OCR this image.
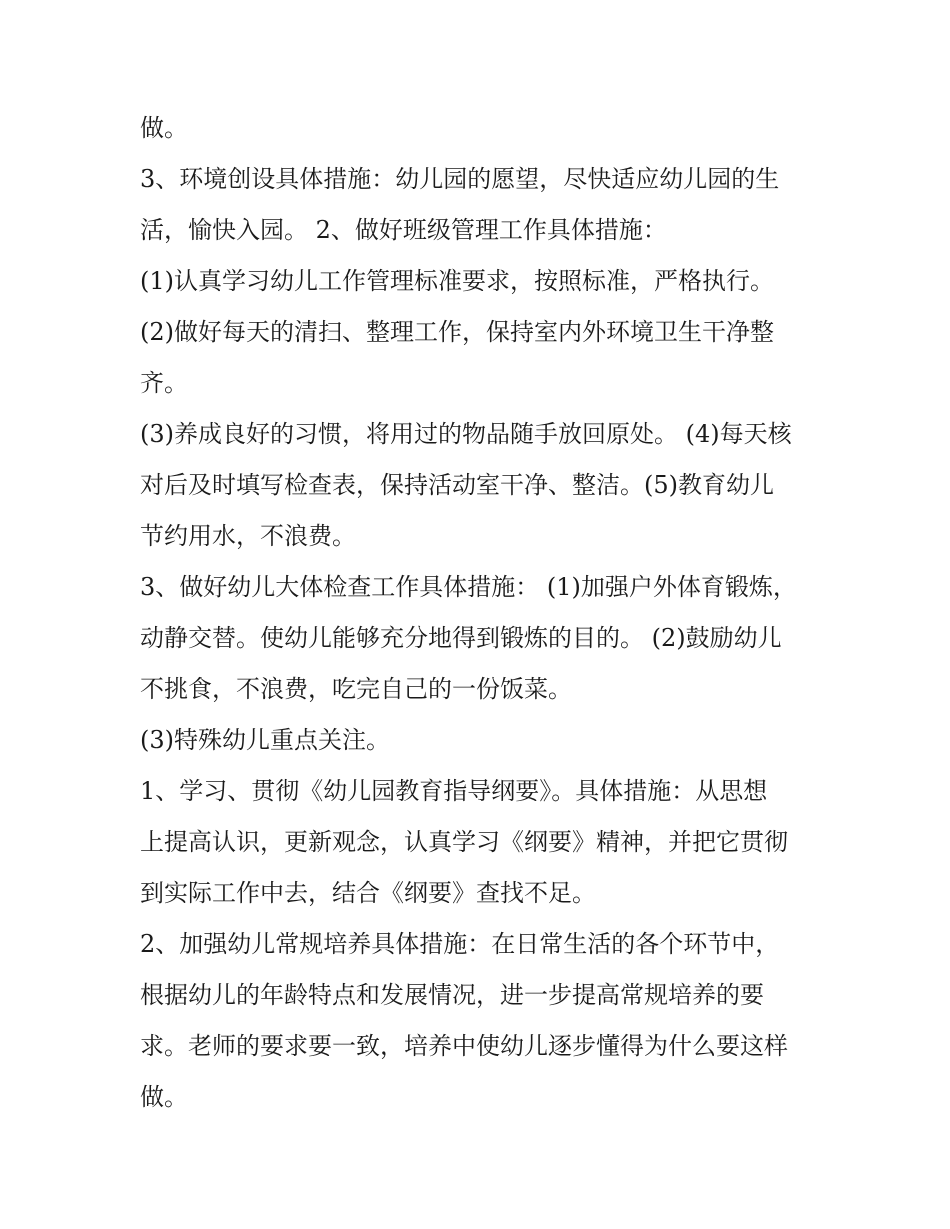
做。
3、环境创设具体措施：幼儿园的愿望，尽快适应幼儿园的生
活，愉快入园。 2、做好班级管理工作具体措施：
(1)认真学习幼儿工作管理标准要求，按照标准，严格执行。
(2)做好每天的清扫、整理工作，保持室内外环境卫生干净整
齐。
(3)养成良好的习惯，将用过的物品随手放回原处。 (4)每天核
对后及时填写检查表，保持活动室干净、整洁。(5)教育幼儿
节约用水，不浪费。
3、做好幼儿大体检查工作具体措施： (1)加强户外体育锻炼，
动静交替。使幼儿能够充分地得到锻炼的目的。 (2)鼓励幼儿
不挑食，不浪费，吃完自己的一份饭菜。
(3)特殊幼儿重点关注。
1、学习、贯彻《幼儿园教育指导纲要》。具体措施：从思想
上提高认识，更新观念，认真学习《纲要》精神，并把它贯彻
到实际工作中去，结合《纲要》查找不足。
2、加强幼儿常规培养具体措施：在日常生活的各个环节中，
根据幼儿的年龄特点和发展情况，进一步提高常规培养的要
求。老师的要求要一致，培养中使幼儿逐步懂得为什么要这样
做。
